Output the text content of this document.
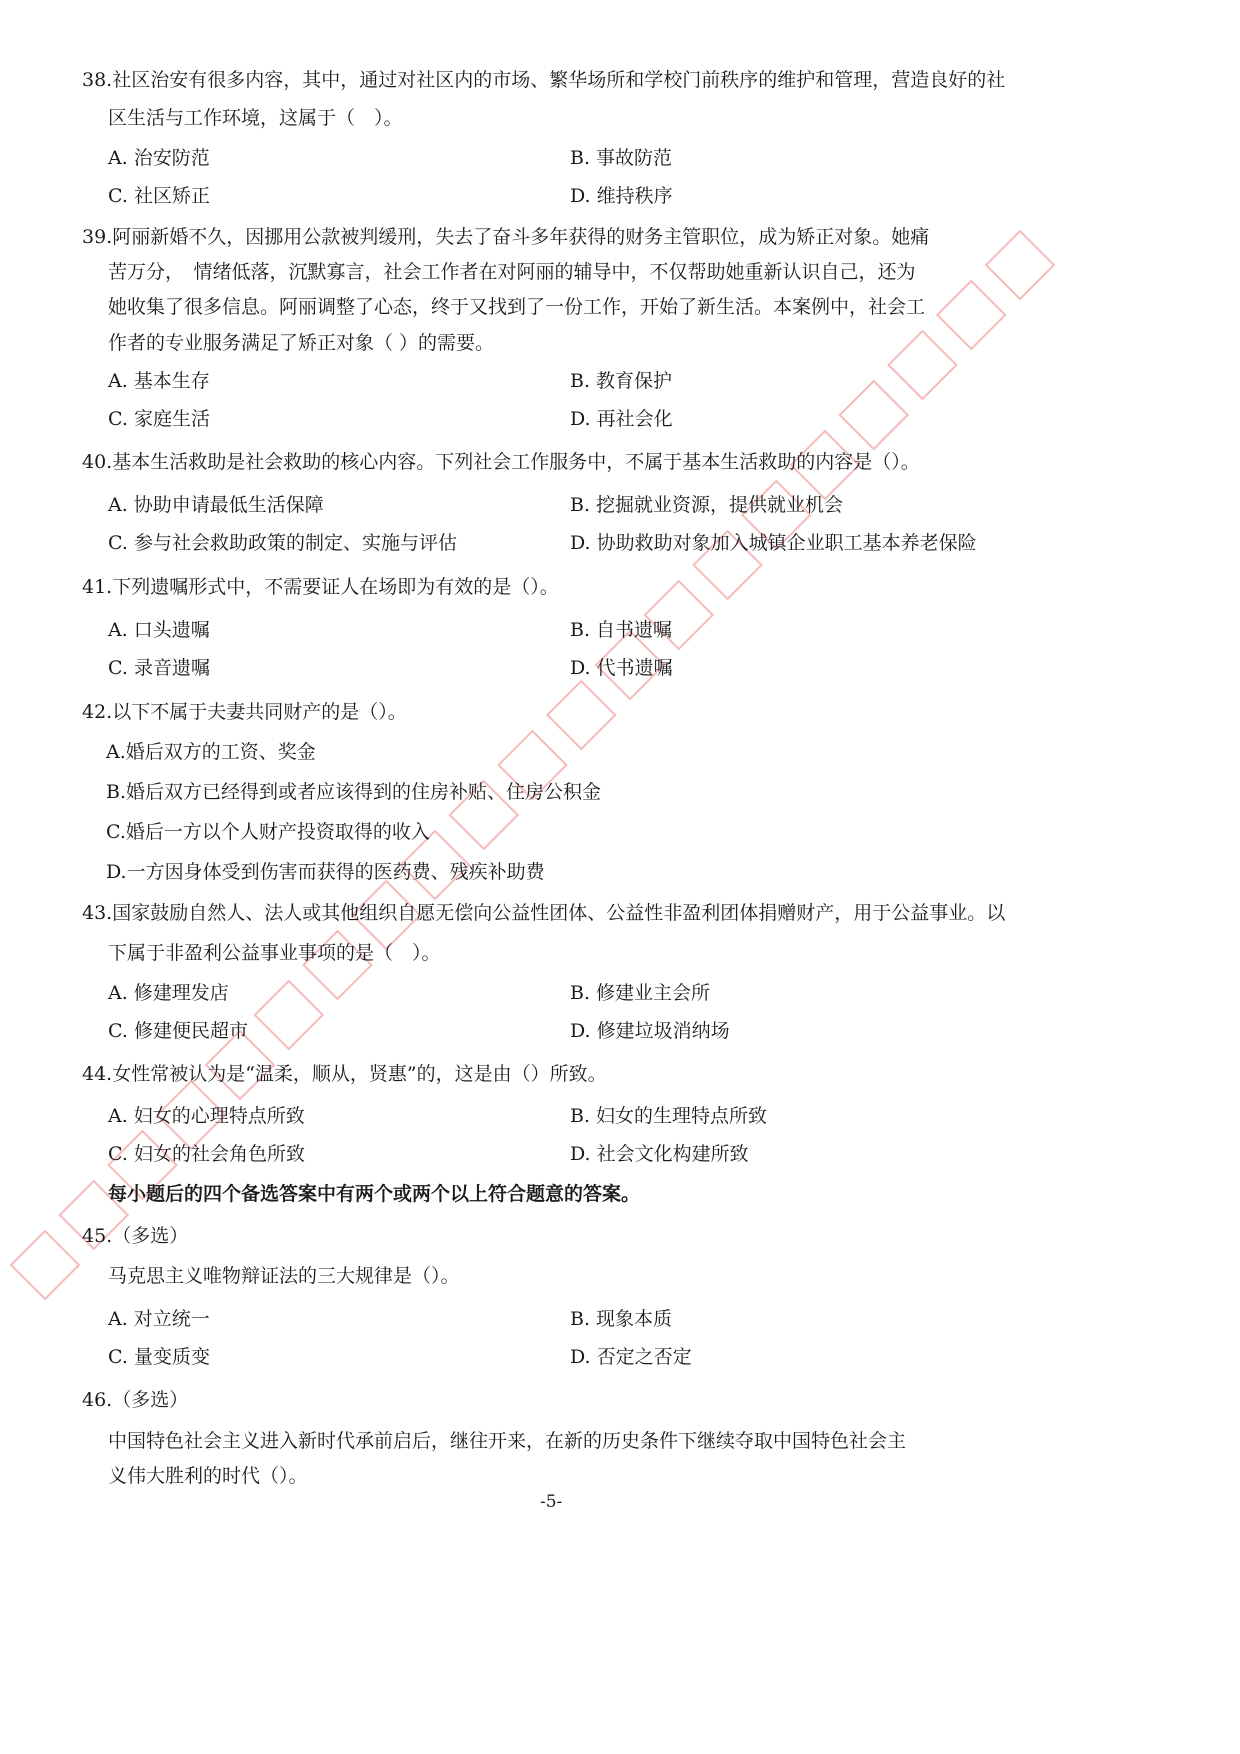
38.社区治安有很多内容，其中，通过对社区内的市场、繁华场所和学校门前秩序的维护和管理，营造良好的社
区生活与工作环境，这属于（　）。
A. 治安防范	B. 事故防范
C. 社区矫正	D. 维持秩序
39.阿丽新婚不久，因挪用公款被判缓刑，失去了奋斗多年获得的财务主管职位，成为矫正对象。她痛
苦万分，　情绪低落，沉默寡言，社会工作者在对阿丽的辅导中，不仅帮助她重新认识自己，还为
她收集了很多信息。阿丽调整了心态，终于又找到了一份工作，开始了新生活。本案例中，社会工
作者的专业服务满足了矫正对象（ ）的需要。
A. 基本生存	B. 教育保护
C. 家庭生活	D. 再社会化
40.基本生活救助是社会救助的核心内容。下列社会工作服务中，不属于基本生活救助的内容是（）。
A. 协助申请最低生活保障	B. 挖掘就业资源，提供就业机会
C. 参与社会救助政策的制定、实施与评估	D. 协助救助对象加入城镇企业职工基本养老保险
41.下列遗嘱形式中，不需要证人在场即为有效的是（）。
A. 口头遗嘱	B. 自书遗嘱
C. 录音遗嘱	D. 代书遗嘱
42.以下不属于夫妻共同财产的是（）。
A.婚后双方的工资、奖金
B.婚后双方已经得到或者应该得到的住房补贴、住房公积金
C.婚后一方以个人财产投资取得的收入
D.一方因身体受到伤害而获得的医药费、残疾补助费
43.国家鼓励自然人、法人或其他组织自愿无偿向公益性团体、公益性非盈利团体捐赠财产，用于公益事业。以
下属于非盈利公益事业事项的是（　）。
A. 修建理发店	B. 修建业主会所
C. 修建便民超市	D. 修建垃圾消纳场
44.女性常被认为是“温柔，顺从，贤惠”的，这是由（）所致。
A. 妇女的心理特点所致	B. 妇女的生理特点所致
C. 妇女的社会角色所致	D. 社会文化构建所致
每小题后的四个备选答案中有两个或两个以上符合题意的答案。
45.（多选）
马克思主义唯物辩证法的三大规律是（）。
A. 对立统一	B. 现象本质
C. 量变质变	D. 否定之否定
46.（多选）
中国特色社会主义进入新时代承前启后，继往开来，在新的历史条件下继续夺取中国特色社会主
义伟大胜利的时代（）。
-5-
